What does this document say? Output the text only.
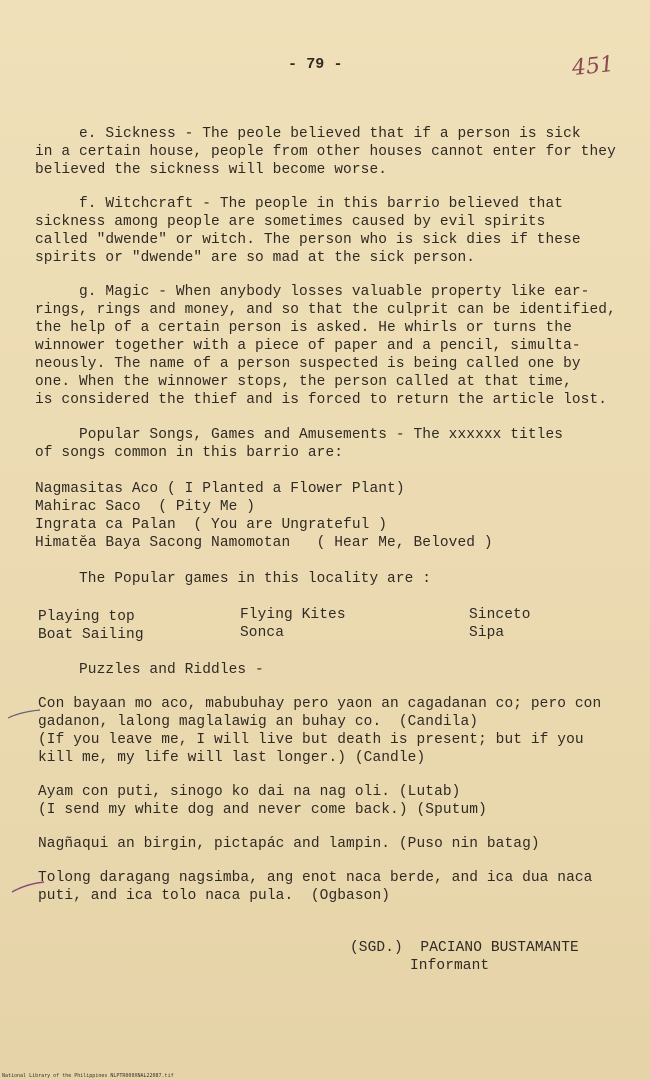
- 79 -	451
e. Sickness - The peole believed that if a person is sick
in a certain house, people from other houses cannot enter for they
believed the sickness will become worse.
f. Witchcraft - The people in this barrio believed that
sickness among people are sometimes caused by evil spirits
called "dwende" or witch. The person who is sick dies if these
spirits or "dwende" are so mad at the sick person.
g. Magic - When anybody losses valuable property like ear-
rings, rings and money, and so that the culprit can be identified,
the help of a certain person is asked. He whirls or turns the
winnower together with a piece of paper and a pencil, simulta-
neously. The name of a person suspected is being called one by
one. When the winnower stops, the person called at that time,
is considered the thief and is forced to return the article lost.
Popular Songs, Games and Amusements - The xxxxxx titles
of songs common in this barrio are:
Nagmasitas Aco ( I Planted a Flower Plant)
Mahirac Saco  ( Pity Me )
Ingrata ca Palan  ( You are Ungrateful )
Himatĕa Baya Sacong Namomotan   ( Hear Me, Beloved )
The Popular games in this locality are :
Playing top
Boat Sailing
Flying Kites
Sonca
Sinceto
Sipa
Puzzles and Riddles -
Con bayaan mo aco, mabubuhay pero yaon an cagadanan co; pero con
gadanon, lalong maglalawig an buhay co.  (Candila)
(If you leave me, I will live but death is present; but if you
kill me, my life will last longer.) (Candle)
Ayam con puti, sinogo ko dai na nag oli. (Lutab)
(I send my white dog and never come back.) (Sputum)
Nagñaqui an birgin, pictapác and lampin. (Puso nin batag)
Tolong daragang nagsimba, ang enot naca berde, and ica dua naca
puti, and ica tolo naca pula.  (Ogbason)
(SGD.)  PACIANO BUSTAMANTE
Informant
National Library of the Philippines NLPTR000XNAL22087.tif
